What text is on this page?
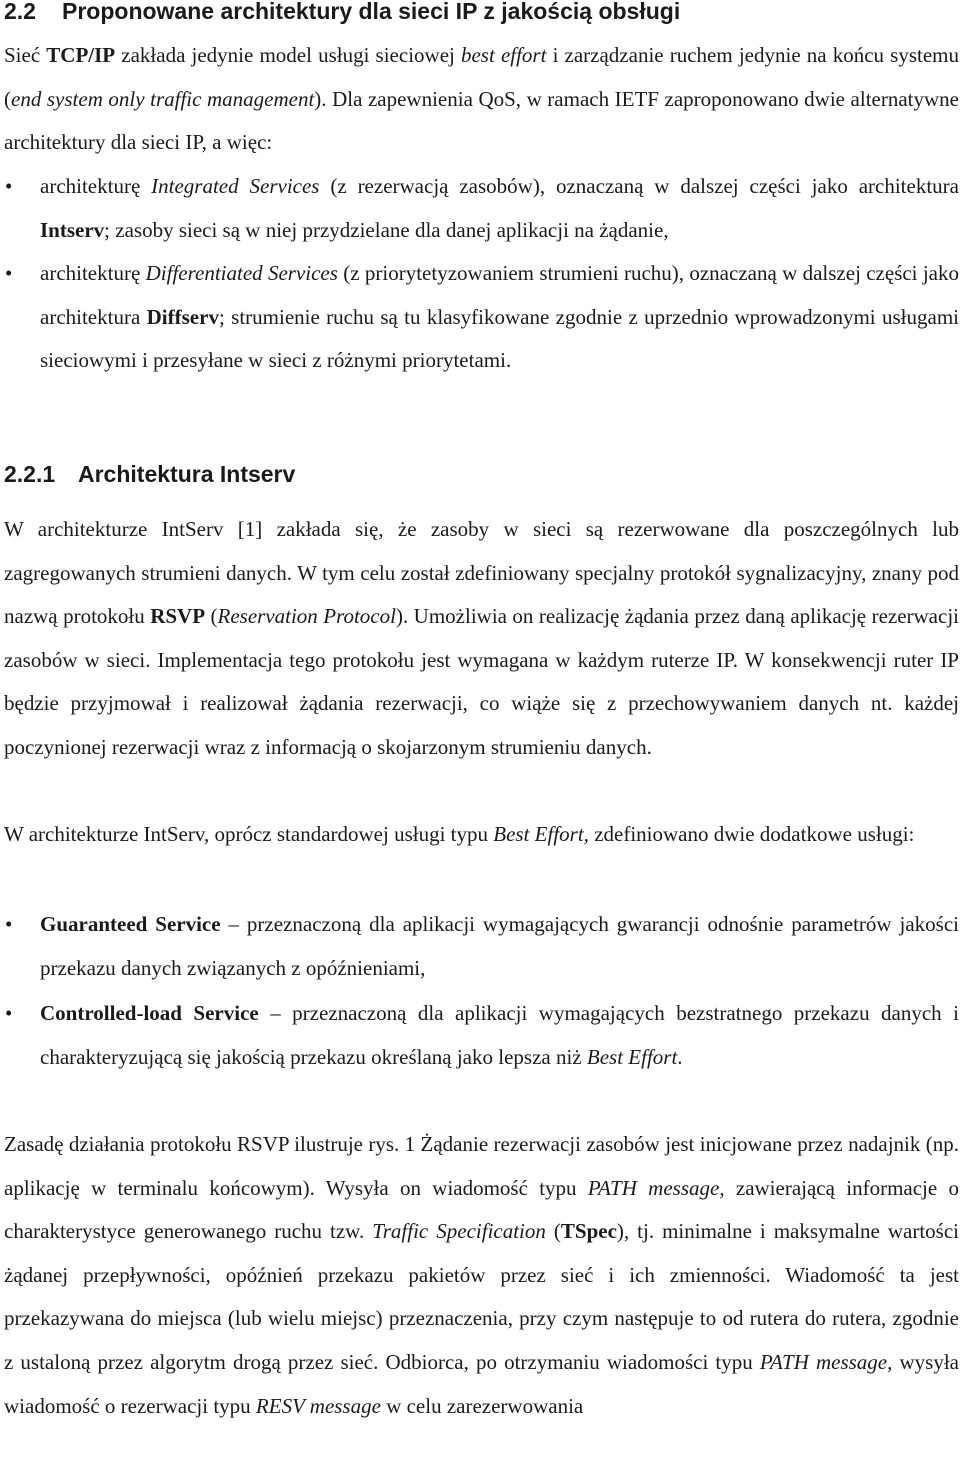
2.2 Proponowane architektury dla sieci IP z jakością obsługi
Sieć TCP/IP zakłada jedynie model usługi sieciowej best effort i zarządzanie ruchem jedynie na końcu systemu (end system only traffic management). Dla zapewnienia QoS, w ramach IETF zaproponowano dwie alternatywne architektury dla sieci IP, a więc:
• architekturę Integrated Services (z rezerwacją zasobów), oznaczaną w dalszej części jako architektura Intserv; zasoby sieci są w niej przydzielane dla danej aplikacji na żądanie,
• architekturę Differentiated Services (z priorytetyzowaniem strumieni ruchu), oznaczaną w dalszej części jako architektura Diffserv; strumienie ruchu są tu klasyfikowane zgodnie z uprzednio wprowadzonymi usługami sieciowymi i przesyłane w sieci z różnymi priorytetami.
2.2.1 Architektura Intserv
W architekturze IntServ [1] zakłada się, że zasoby w sieci są rezerwowane dla poszczególnych lub zagregowanych strumieni danych. W tym celu został zdefiniowany specjalny protokół sygnalizacyjny, znany pod nazwą protokołu RSVP (Reservation Protocol). Umożliwia on realizację żądania przez daną aplikację rezerwacji zasobów w sieci. Implementacja tego protokołu jest wymagana w każdym ruterze IP. W konsekwencji ruter IP będzie przyjmował i realizował żądania rezerwacji, co wiąże się z przechowywaniem danych nt. każdej poczynionej rezerwacji wraz z informacją o skojarzonym strumieniu danych.
W architekturze IntServ, oprócz standardowej usługi typu Best Effort, zdefiniowano dwie dodatkowe usługi:
• Guaranteed Service – przeznaczoną dla aplikacji wymagających gwarancji odnośnie parametrów jakości przekazu danych związanych z opóźnieniami,
• Controlled-load Service – przeznaczoną dla aplikacji wymagających bezstratnego przekazu danych i charakteryzującą się jakością przekazu określaną jako lepsza niż Best Effort.
Zasadę działania protokołu RSVP ilustruje rys. 1 Żądanie rezerwacji zasobów jest inicjowane przez nadajnik (np. aplikację w terminalu końcowym). Wysyła on wiadomość typu PATH message, zawierającą informacje o charakterystyce generowanego ruchu tzw. Traffic Specification (TSpec), tj. minimalne i maksymalne wartości żądanej przepływności, opóźnień przekazu pakietów przez sieć i ich zmienności. Wiadomość ta jest przekazywana do miejsca (lub wielu miejsc) przeznaczenia, przy czym następuje to od rutera do rutera, zgodnie z ustaloną przez algorytm drogą przez sieć. Odbiorca, po otrzymaniu wiadomości typu PATH message, wysyła wiadomość o rezerwacji typu RESV message w celu zarezerwowania
